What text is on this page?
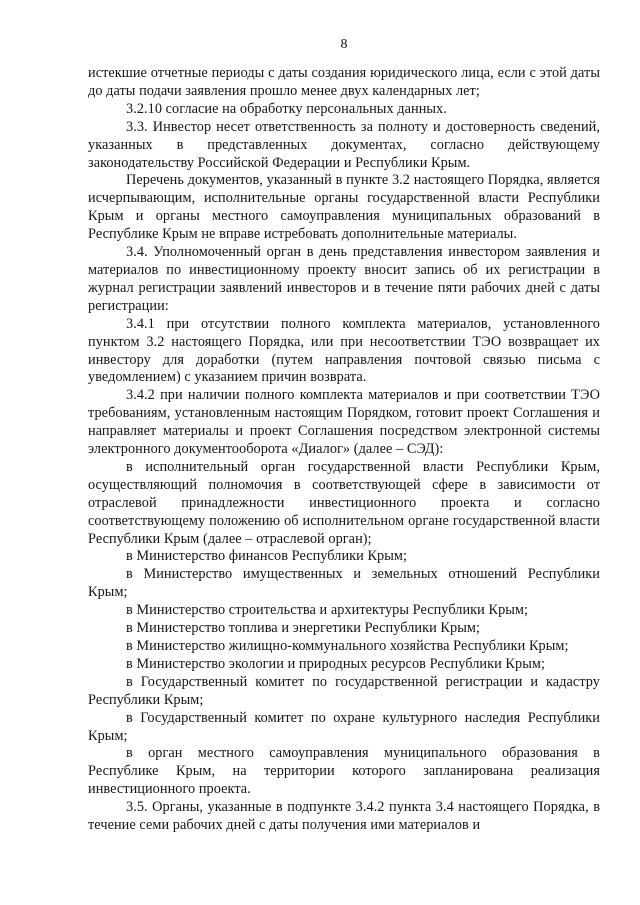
8

истекшие отчетные периоды с даты создания юридического лица, если с этой даты до даты подачи заявления прошло менее двух календарных лет;

3.2.10 согласие на обработку персональных данных.

3.3. Инвестор несет ответственность за полноту и достоверность сведений, указанных в представленных документах, согласно действующему законодательству Российской Федерации и Республики Крым.

Перечень документов, указанный в пункте 3.2 настоящего Порядка, является исчерпывающим, исполнительные органы государственной власти Республики Крым и органы местного самоуправления муниципальных образований в Республике Крым не вправе истребовать дополнительные материалы.

3.4. Уполномоченный орган в день представления инвестором заявления и материалов по инвестиционному проекту вносит запись об их регистрации в журнал регистрации заявлений инвесторов и в течение пяти рабочих дней с даты регистрации:

3.4.1 при отсутствии полного комплекта материалов, установленного пунктом 3.2 настоящего Порядка, или при несоответствии ТЭО возвращает их инвестору для доработки (путем направления почтовой связью письма с уведомлением) с указанием причин возврата.

3.4.2 при наличии полного комплекта материалов и при соответствии ТЭО требованиям, установленным настоящим Порядком, готовит проект Соглашения и направляет материалы и проект Соглашения посредством электронной системы электронного документооборота «Диалог» (далее – СЭД):

в исполнительный орган государственной власти Республики Крым, осуществляющий полномочия в соответствующей сфере в зависимости от отраслевой принадлежности инвестиционного проекта и согласно соответствующему положению об исполнительном органе государственной власти Республики Крым (далее – отраслевой орган);

в Министерство финансов Республики Крым;

в Министерство имущественных и земельных отношений Республики Крым;

в Министерство строительства и архитектуры Республики Крым;

в Министерство топлива и энергетики Республики Крым;

в Министерство жилищно-коммунального хозяйства Республики Крым;

в Министерство экологии и природных ресурсов Республики Крым;

в Государственный комитет по государственной регистрации и кадастру Республики Крым;

в Государственный комитет по охране культурного наследия Республики Крым;

в орган местного самоуправления муниципального образования в Республике Крым, на территории которого запланирована реализация инвестиционного проекта.

3.5. Органы, указанные в подпункте 3.4.2 пункта 3.4 настоящего Порядка, в течение семи рабочих дней с даты получения ими материалов и
